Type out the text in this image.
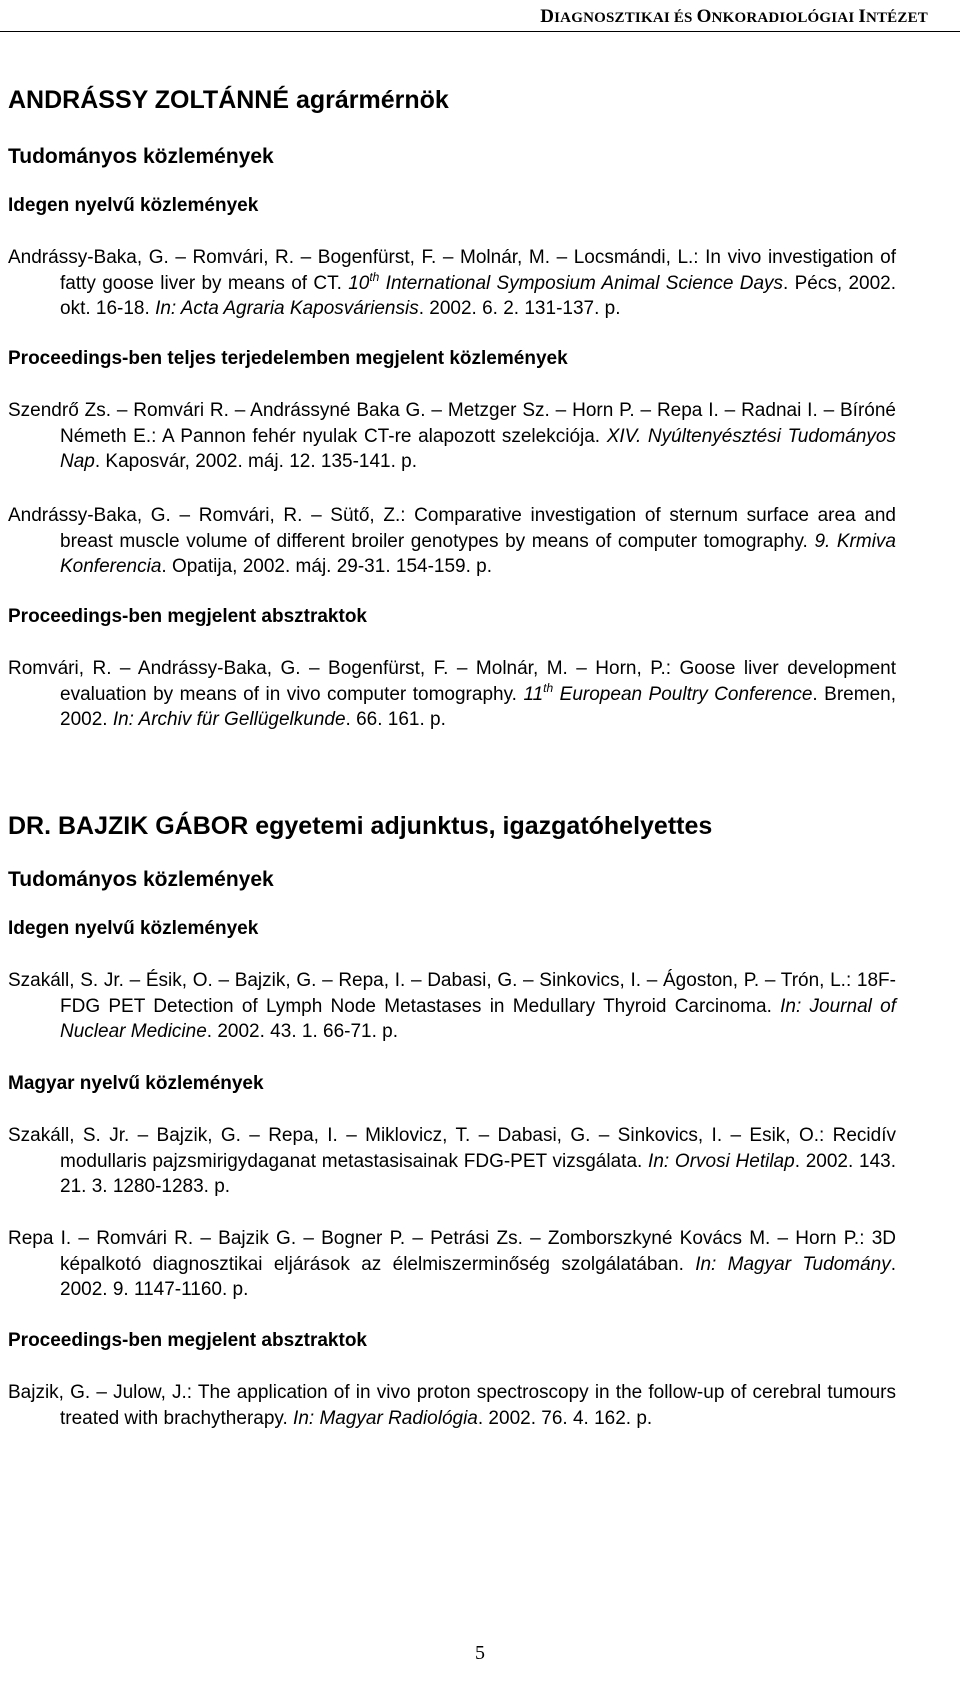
DIAGNOSZTIKAI ÉS ONKORADIOLÓGIAI INTÉZET
ANDRÁSSY ZOLTÁNNÉ agrármérnök
Tudományos közlemények
Idegen nyelvű közlemények
Andrássy-Baka, G. – Romvári, R. – Bogenfürst, F. – Molnár, M. – Locsmándi, L.: In vivo investigation of fatty goose liver by means of CT. 10th International Symposium Animal Science Days. Pécs, 2002. okt. 16-18. In: Acta Agraria Kaposváriensis. 2002. 6. 2. 131-137. p.
Proceedings-ben teljes terjedelemben megjelent közlemények
Szendrő Zs. – Romvári R. – Andrássyné Baka G. – Metzger Sz. – Horn P. – Repa I. – Radnai I. – Bíróné Németh E.: A Pannon fehér nyulak CT-re alapozott szelekciója. XIV. Nyúltenyésztési Tudományos Nap. Kaposvár, 2002. máj. 12. 135-141. p.
Andrássy-Baka, G. – Romvári, R. – Sütő, Z.: Comparative investigation of sternum surface area and breast muscle volume of different broiler genotypes by means of computer tomography. 9. Krmiva Konferencia. Opatija, 2002. máj. 29-31. 154-159. p.
Proceedings-ben megjelent absztraktok
Romvári, R. – Andrássy-Baka, G. – Bogenfürst, F. – Molnár, M. – Horn, P.: Goose liver development evaluation by means of in vivo computer tomography. 11th European Poultry Conference. Bremen, 2002. In: Archiv für Gellügelkunde. 66. 161. p.
DR. BAJZIK GÁBOR egyetemi adjunktus, igazgatóhelyettes
Tudományos közlemények
Idegen nyelvű közlemények
Szakáll, S. Jr. – Ésik, O. – Bajzik, G. – Repa, I. – Dabasi, G. – Sinkovics, I. – Ágoston, P. – Trón, L.: 18F-FDG PET Detection of Lymph Node Metastases in Medullary Thyroid Carcinoma. In: Journal of Nuclear Medicine. 2002. 43. 1. 66-71. p.
Magyar nyelvű közlemények
Szakáll, S. Jr. – Bajzik, G. – Repa, I. – Miklovicz, T. – Dabasi, G. – Sinkovics, I. – Esik, O.: Recidív modullaris pajzsmirigydaganat metastasisainak FDG-PET vizsgálata. In: Orvosi Hetilap. 2002. 143. 21. 3. 1280-1283. p.
Repa I. – Romvári R. – Bajzik G. – Bogner P. – Petrási Zs. – Zomborszkyné Kovács M. – Horn P.: 3D képalkotó diagnosztikai eljárások az élelmiszerminőség szolgálatában. In: Magyar Tudomány. 2002. 9. 1147-1160. p.
Proceedings-ben megjelent absztraktok
Bajzik, G. – Julow, J.: The application of in vivo proton spectroscopy in the follow-up of cerebral tumours treated with brachytherapy. In: Magyar Radiológia. 2002. 76. 4. 162. p.
5
